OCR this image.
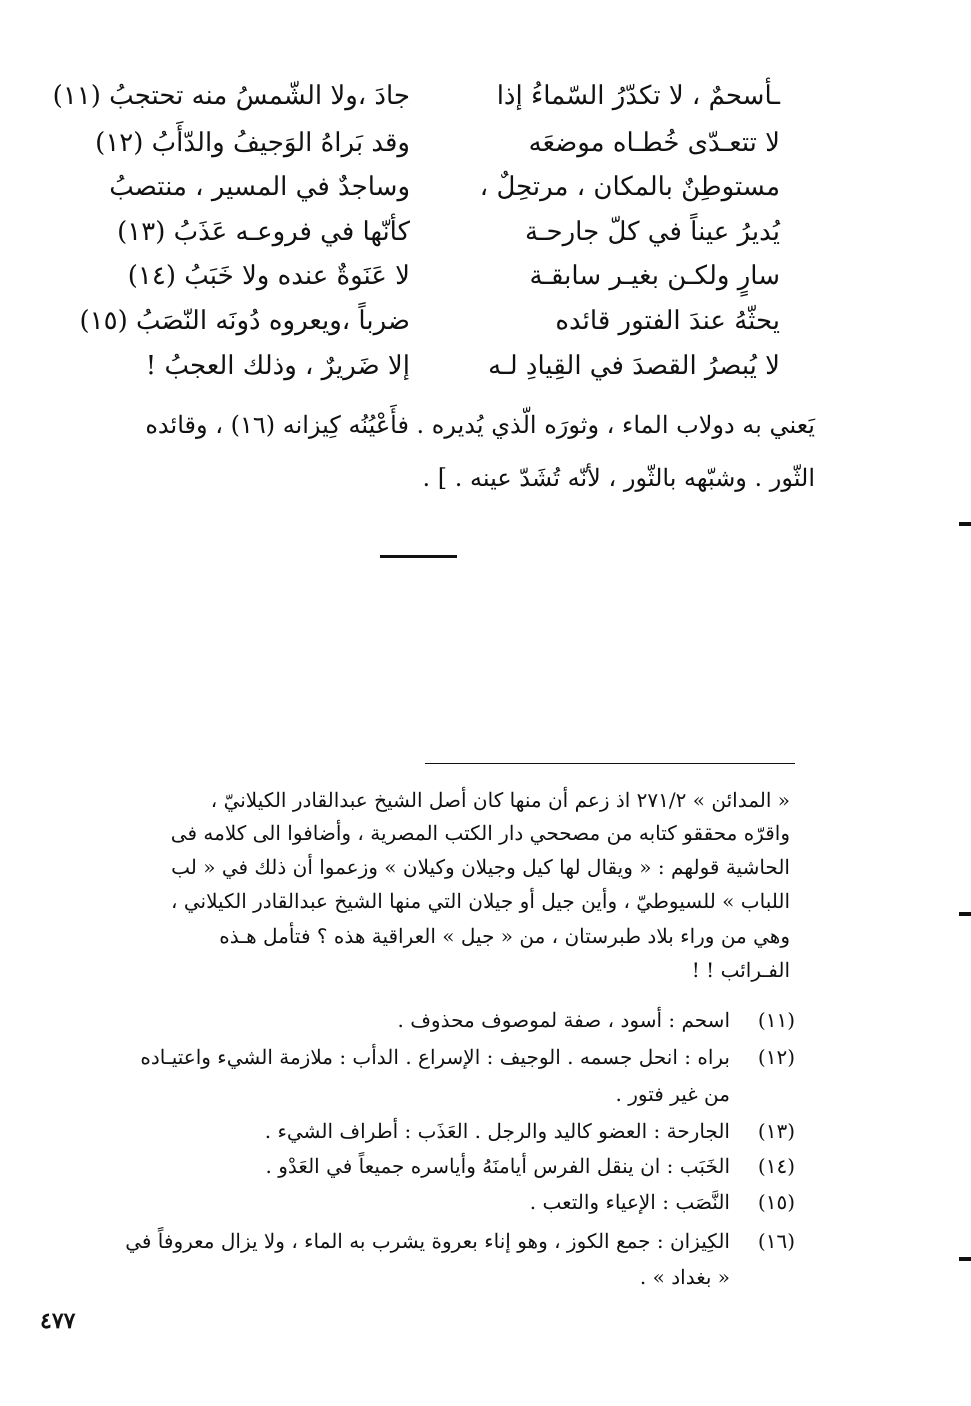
ـأسحمٌ ، لا تكدّرُ السّماءُ إذا
جادَ ،ولا الشّمسُ منه تحتجبُ (١١)
لا تتعـدّى خُطـاه موضعَه
وقد بَراهُ الوَجيفُ والدّأَبُ (١٢)
مستوطِنٌ بالمكان ، مرتحِلٌ ،
وساجدٌ في المسير ، منتصبُ
يُديرُ عيناً في كلّ جارحـة
كأنّها في فروعـه عَذَبُ (١٣)
سارٍ ولكـن بغيـر سابقـة
لا عَنَوةٌ عنده ولا خَبَبُ (١٤)
يحثّهُ عندَ الفتور قائده
ضرباً ،ويعروه دُونَه النّصَبُ (١٥)
لا يُبصرُ القصدَ في القِيادِ لـه
إلا ضَريرٌ ، وذلك العجبُ !
يَعني به دولاب الماء ، وثورَه الّذي يُديره . فأَعْيُنُه كِيزانه (١٦) ، وقائده
الثّور . وشبّهه بالثّور ، لأنّه تُشَدّ عينه . ] .
« المدائن » ٢٧١/٢ اذ زعم أن منها كان أصل الشيخ عبدالقادر الكيلانيّ ،
واقرّه محققو كتابه من مصححي دار الكتب المصرية ، وأضافوا الى كلامه فى
الحاشية قولهم : « ويقال لها كيل وجيلان وكيلان » وزعموا أن ذلك في « لب
اللباب » للسيوطيّ ، وأين جيل أو جيلان التي منها الشيخ عبدالقادر الكيلاني ،
وهي من وراء بلاد طبرستان ، من « جيل » العراقية هذه ؟ فتأمل هـذه
الفـرائب ! !
(١١)
اسحم : أسود ، صفة لموصوف محذوف .
(١٢)
براه : انحل جسمه . الوجيف : الإسراع . الدأب : ملازمة الشيء واعتيـاده
من غير فتور .
(١٣)
الجارحة : العضو كاليد والرجل . العَذَب : أطراف الشيء .
(١٤)
الخَبَب : ان ينقل الفرس أيامنَهُ وأياسره جميعاً في العَدْو .
(١٥)
النَّصَب : الإعياء والتعب .
(١٦)
الكِيزان : جمع الكوز ، وهو إناء بعروة يشرب به الماء ، ولا يزال معروفاً في
« بغداد » .
٤٧٧
